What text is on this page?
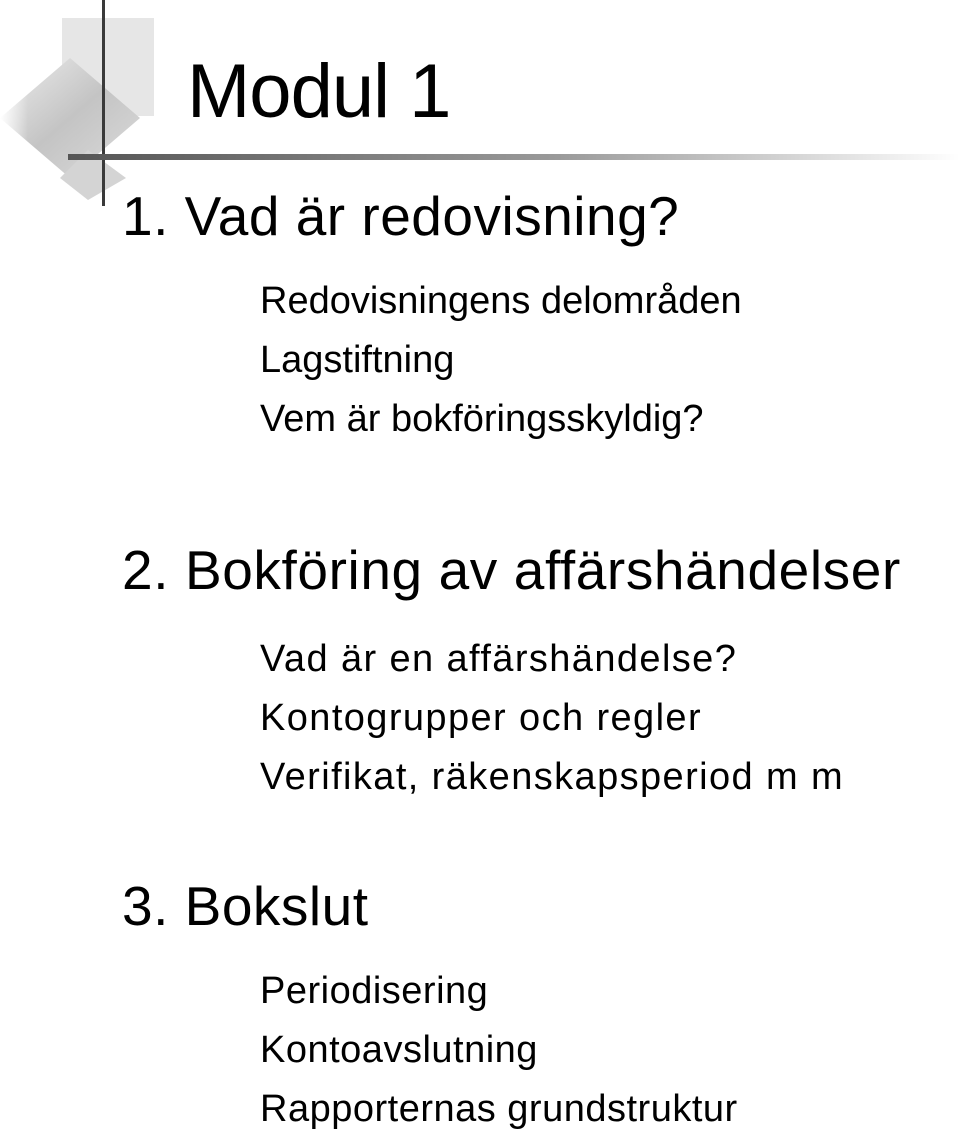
Modul 1
1. Vad är redovisning?
Redovisningens delområden
Lagstiftning
Vem är bokföringsskyldig?
2. Bokföring av affärshändelser
Vad är en affärshändelse?
Kontogrupper och regler
Verifikat, räkenskapsperiod m m
3. Bokslut
Periodisering
Kontoavslutning
Rapporternas grundstruktur
